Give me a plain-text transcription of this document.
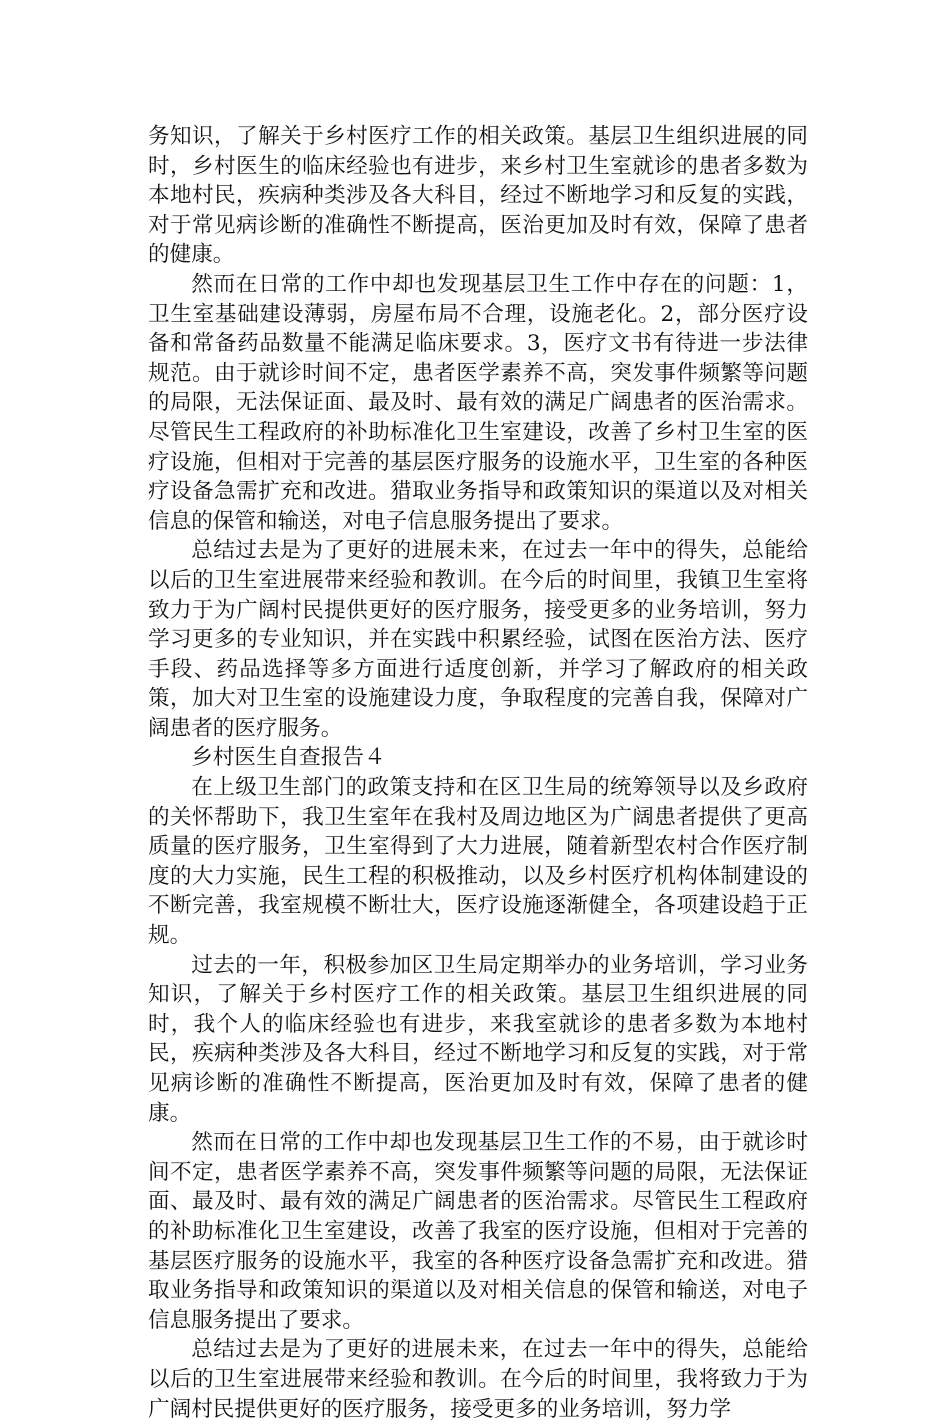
务知识，了解关于乡村医疗工作的相关政策。基层卫生组织进展的同时，乡村医生的临床经验也有进步，来乡村卫生室就诊的患者多数为本地村民，疾病种类涉及各大科目，经过不断地学习和反复的实践，对于常见病诊断的准确性不断提高，医治更加及时有效，保障了患者的健康。

然而在日常的工作中却也发现基层卫生工作中存在的问题：1，卫生室基础建设薄弱，房屋布局不合理，设施老化。2，部分医疗设备和常备药品数量不能满足临床要求。3，医疗文书有待进一步法律规范。由于就诊时间不定，患者医学素养不高，突发事件频繁等问题的局限，无法保证面、最及时、最有效的满足广阔患者的医治需求。尽管民生工程政府的补助标准化卫生室建设，改善了乡村卫生室的医疗设施，但相对于完善的基层医疗服务的设施水平，卫生室的各种医疗设备急需扩充和改进。猎取业务指导和政策知识的渠道以及对相关信息的保管和输送，对电子信息服务提出了要求。

总结过去是为了更好的进展未来，在过去一年中的得失，总能给以后的卫生室进展带来经验和教训。在今后的时间里，我镇卫生室将致力于为广阔村民提供更好的医疗服务，接受更多的业务培训，努力学习更多的专业知识，并在实践中积累经验，试图在医治方法、医疗手段、药品选择等多方面进行适度创新，并学习了解政府的相关政策，加大对卫生室的设施建设力度，争取程度的完善自我，保障对广阔患者的医疗服务。

乡村医生自查报告４

在上级卫生部门的政策支持和在区卫生局的统筹领导以及乡政府的关怀帮助下，我卫生室年在我村及周边地区为广阔患者提供了更高质量的医疗服务，卫生室得到了大力进展，随着新型农村合作医疗制度的大力实施，民生工程的积极推动，以及乡村医疗机构体制建设的不断完善，我室规模不断壮大，医疗设施逐渐健全，各项建设趋于正规。

过去的一年，积极参加区卫生局定期举办的业务培训，学习业务知识，了解关于乡村医疗工作的相关政策。基层卫生组织进展的同时，我个人的临床经验也有进步，来我室就诊的患者多数为本地村民，疾病种类涉及各大科目，经过不断地学习和反复的实践，对于常见病诊断的准确性不断提高，医治更加及时有效，保障了患者的健康。

然而在日常的工作中却也发现基层卫生工作的不易，由于就诊时间不定，患者医学素养不高，突发事件频繁等问题的局限，无法保证面、最及时、最有效的满足广阔患者的医治需求。尽管民生工程政府的补助标准化卫生室建设，改善了我室的医疗设施，但相对于完善的基层医疗服务的设施水平，我室的各种医疗设备急需扩充和改进。猎取业务指导和政策知识的渠道以及对相关信息的保管和输送，对电子信息服务提出了要求。

总结过去是为了更好的进展未来，在过去一年中的得失，总能给以后的卫生室进展带来经验和教训。在今后的时间里，我将致力于为广阔村民提供更好的医疗服务，接受更多的业务培训，努力学
